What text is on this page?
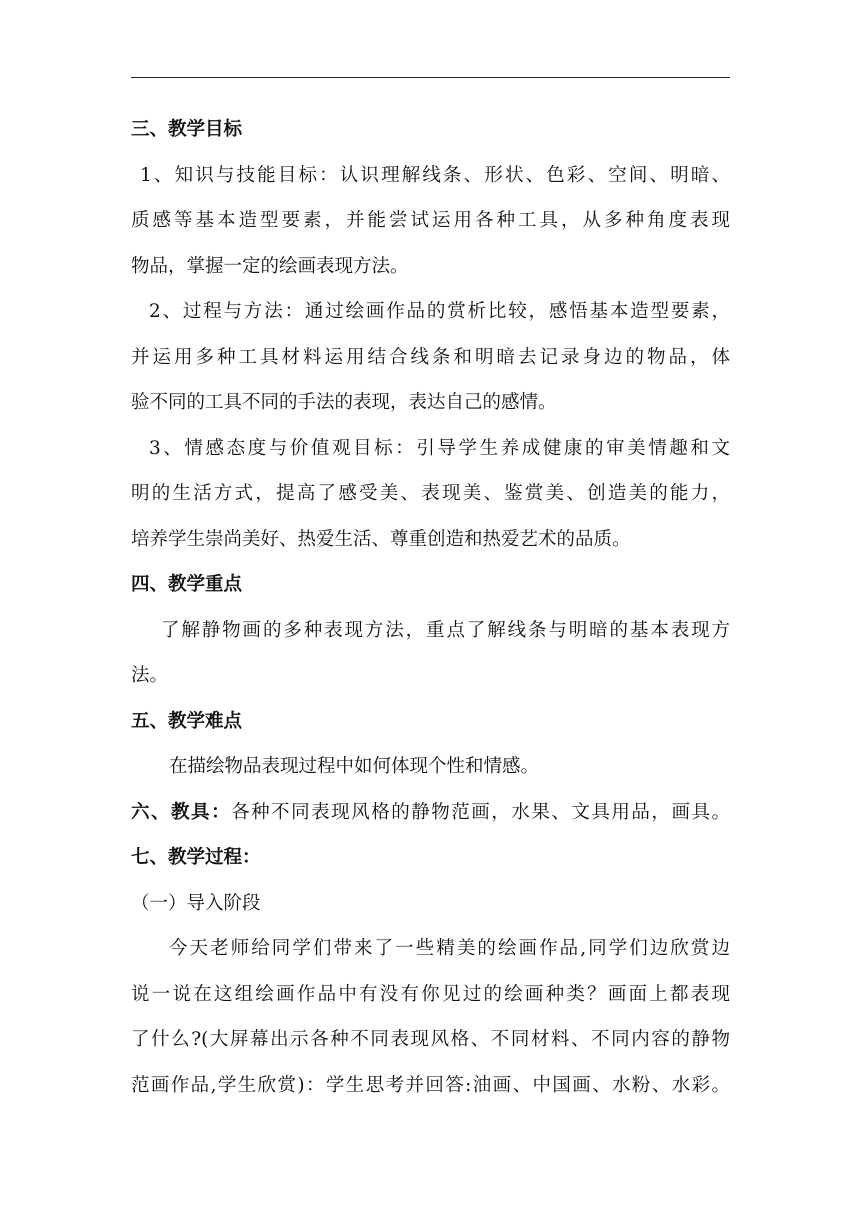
三、教学目标
1、知识与技能目标：认识理解线条、形状、色彩、空间、明暗、
质感等基本造型要素，并能尝试运用各种工具，从多种角度表现
物品，掌握一定的绘画表现方法。
2、过程与方法：通过绘画作品的赏析比较，感悟基本造型要素，
并运用多种工具材料运用结合线条和明暗去记录身边的物品，体
验不同的工具不同的手法的表现，表达自己的感情。
3、情感态度与价值观目标：引导学生养成健康的审美情趣和文
明的生活方式，提高了感受美、表现美、鉴赏美、创造美的能力，
培养学生崇尚美好、热爱生活、尊重创造和热爱艺术的品质。
四、教学重点
了解静物画的多种表现方法，重点了解线条与明暗的基本表现方
法。
五、教学难点
在描绘物品表现过程中如何体现个性和情感。
六、教具：各种不同表现风格的静物范画，水果、文具用品，画具。
七、教学过程：
（一）导入阶段
今天老师给同学们带来了一些精美的绘画作品,同学们边欣赏边
说一说在这组绘画作品中有没有你见过的绘画种类？画面上都表现
了什么?(大屏幕出示各种不同表现风格、不同材料、不同内容的静物
范画作品,学生欣赏)：学生思考并回答:油画、中国画、水粉、水彩。
